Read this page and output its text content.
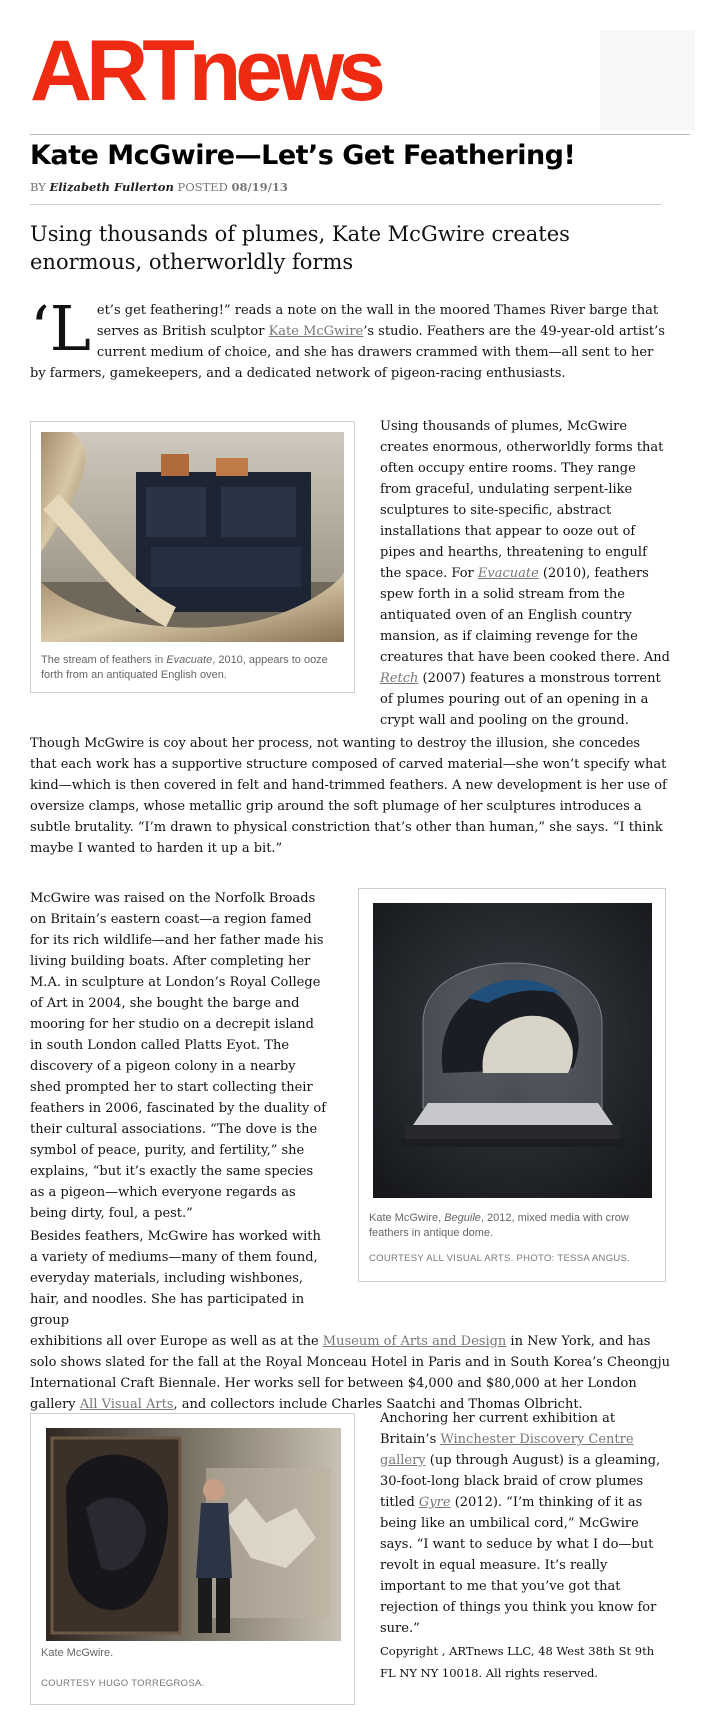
ARTnews
Kate McGwire—Let’s Get Feathering!
BY Elizabeth Fullerton POSTED 08/19/13
Using thousands of plumes, Kate McGwire creates enormous, otherworldly forms

‘Let’s get feathering!” reads a note on the wall in the moored Thames River barge that serves as British sculptor Kate McGwire’s studio. Feathers are the 49-year-old artist’s current medium of choice, and she has drawers crammed with them—all sent to her by farmers, gamekeepers, and a dedicated network of pigeon-racing enthusiasts.

The stream of feathers in Evacuate, 2010, appears to ooze forth from an antiquated English oven.

Using thousands of plumes, McGwire creates enormous, otherworldly forms that often occupy entire rooms. They range from graceful, undulating serpent-like sculptures to site-specific, abstract installations that appear to ooze out of pipes and hearths, threatening to engulf the space. For Evacuate (2010), feathers spew forth in a solid stream from the antiquated oven of an English country mansion, as if claiming revenge for the creatures that have been cooked there. And Retch (2007) features a monstrous torrent of plumes pouring out of an opening in a crypt wall and pooling on the ground.

Though McGwire is coy about her process, not wanting to destroy the illusion, she concedes that each work has a supportive structure composed of carved material—she won’t specify what kind—which is then covered in felt and hand-trimmed feathers. A new development is her use of oversize clamps, whose metallic grip around the soft plumage of her sculptures introduces a subtle brutality. “I’m drawn to physical constriction that’s other than human,” she says. “I think maybe I wanted to harden it up a bit.”

McGwire was raised on the Norfolk Broads on Britain’s eastern coast—a region famed for its rich wildlife—and her father made his living building boats. After completing her M.A. in sculpture at London’s Royal College of Art in 2004, she bought the barge and mooring for her studio on a decrepit island in south London called Platts Eyot. The discovery of a pigeon colony in a nearby shed prompted her to start collecting their feathers in 2006, fascinated by the duality of their cultural associations. “The dove is the symbol of peace, purity, and fertility,” she explains, “but it’s exactly the same species as a pigeon—which everyone regards as being dirty, foul, a pest.”	Kate McGwire, Beguile, 2012, mixed media with crow feathers in antique dome.
COURTESY ALL VISUAL ARTS. PHOTO: TESSA ANGUS.

Besides feathers, McGwire has worked with a variety of mediums—many of them found, everyday materials, including wishbones, hair, and noodles. She has participated in group
exhibitions all over Europe as well as at the Museum of Arts and Design in New York, and has solo shows slated for the fall at the Royal Monceau Hotel in Paris and in South Korea’s Cheongju International Craft Biennale. Her works sell for between $4,000 and $80,000 at her London gallery All Visual Arts, and collectors include Charles Saatchi and Thomas Olbricht.

Kate McGwire.
COURTESY HUGO TORREGROSA.

Anchoring her current exhibition at Britain’s Winchester Discovery Centre gallery (up through August) is a gleaming, 30-foot-long black braid of crow plumes titled Gyre (2012). “I’m thinking of it as being like an umbilical cord,” McGwire says. “I want to seduce by what I do—but revolt in equal measure. It’s really important to me that you’ve got that rejection of things you think you know for sure.”

Copyright , ARTnews LLC, 48 West 38th St 9th FL NY NY 10018. All rights reserved.
